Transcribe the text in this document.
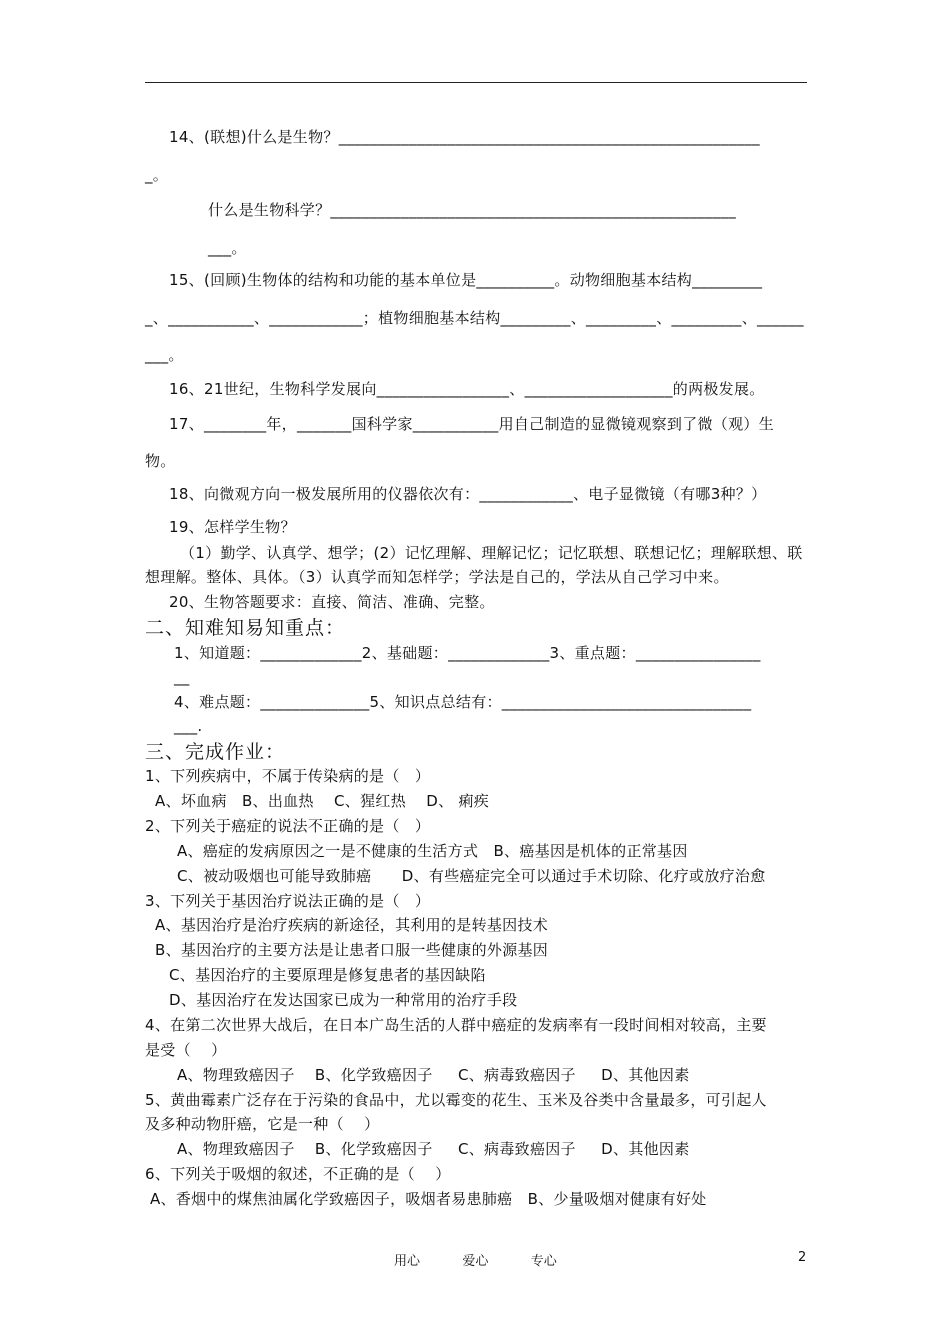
14、(联想)什么是生物？______________________________________________________
_。
什么是生物科学？____________________________________________________
___。
15、(回顾)生物体的结构和功能的基本单位是__________。动物细胞基本结构_________
_、___________、____________；植物细胞基本结构_________、_________、_________、______
___。
16、21世纪，生物科学发展向_________________、___________________的两极发展。
17、________年，_______国科学家___________用自己制造的显微镜观察到了微（观）生
物。
18、向微观方向一极发展所用的仪器依次有：____________、电子显微镜（有哪3种？）
19、怎样学生物？
（1）勤学、认真学、想学；(2）记忆理解、理解记忆；记忆联想、联想记忆；理解联想、联
想理解。整体、具体。（3）认真学而知怎样学；学法是自己的，学法从自己学习中来。
20、生物答题要求：直接、简洁、准确、完整。
二、知难知易知重点：
1、知道题：_____________2、基础题：_____________3、重点题：________________
__
4、难点题：______________5、知识点总结有：________________________________
___.
三、完成作业：
1、下列疾病中，不属于传染病的是（   ）
A、坏血病   B、出血热    C、猩红热    D、 痢疾
2、下列关于癌症的说法不正确的是（   ）
A、癌症的发病原因之一是不健康的生活方式   B、癌基因是机体的正常基因
C、被动吸烟也可能导致肺癌      D、有些癌症完全可以通过手术切除、化疗或放疗治愈
3、下列关于基因治疗说法正确的是（   ）
A、基因治疗是治疗疾病的新途径，其利用的是转基因技术
B、基因治疗的主要方法是让患者口服一些健康的外源基因
C、基因治疗的主要原理是修复患者的基因缺陷
D、基因治疗在发达国家已成为一种常用的治疗手段
4、在第二次世界大战后，在日本广岛生活的人群中癌症的发病率有一段时间相对较高，主要
是受（    ）
A、物理致癌因子    B、化学致癌因子     C、病毒致癌因子     D、其他因素
5、黄曲霉素广泛存在于污染的食品中，尤以霉变的花生、玉米及谷类中含量最多，可引起人
及多种动物肝癌，它是一种（    ）
A、物理致癌因子    B、化学致癌因子     C、病毒致癌因子     D、其他因素
6、下列关于吸烟的叙述，不正确的是（    ）
A、香烟中的煤焦油属化学致癌因子，吸烟者易患肺癌   B、少量吸烟对健康有好处
用心   爱心   专心	2
